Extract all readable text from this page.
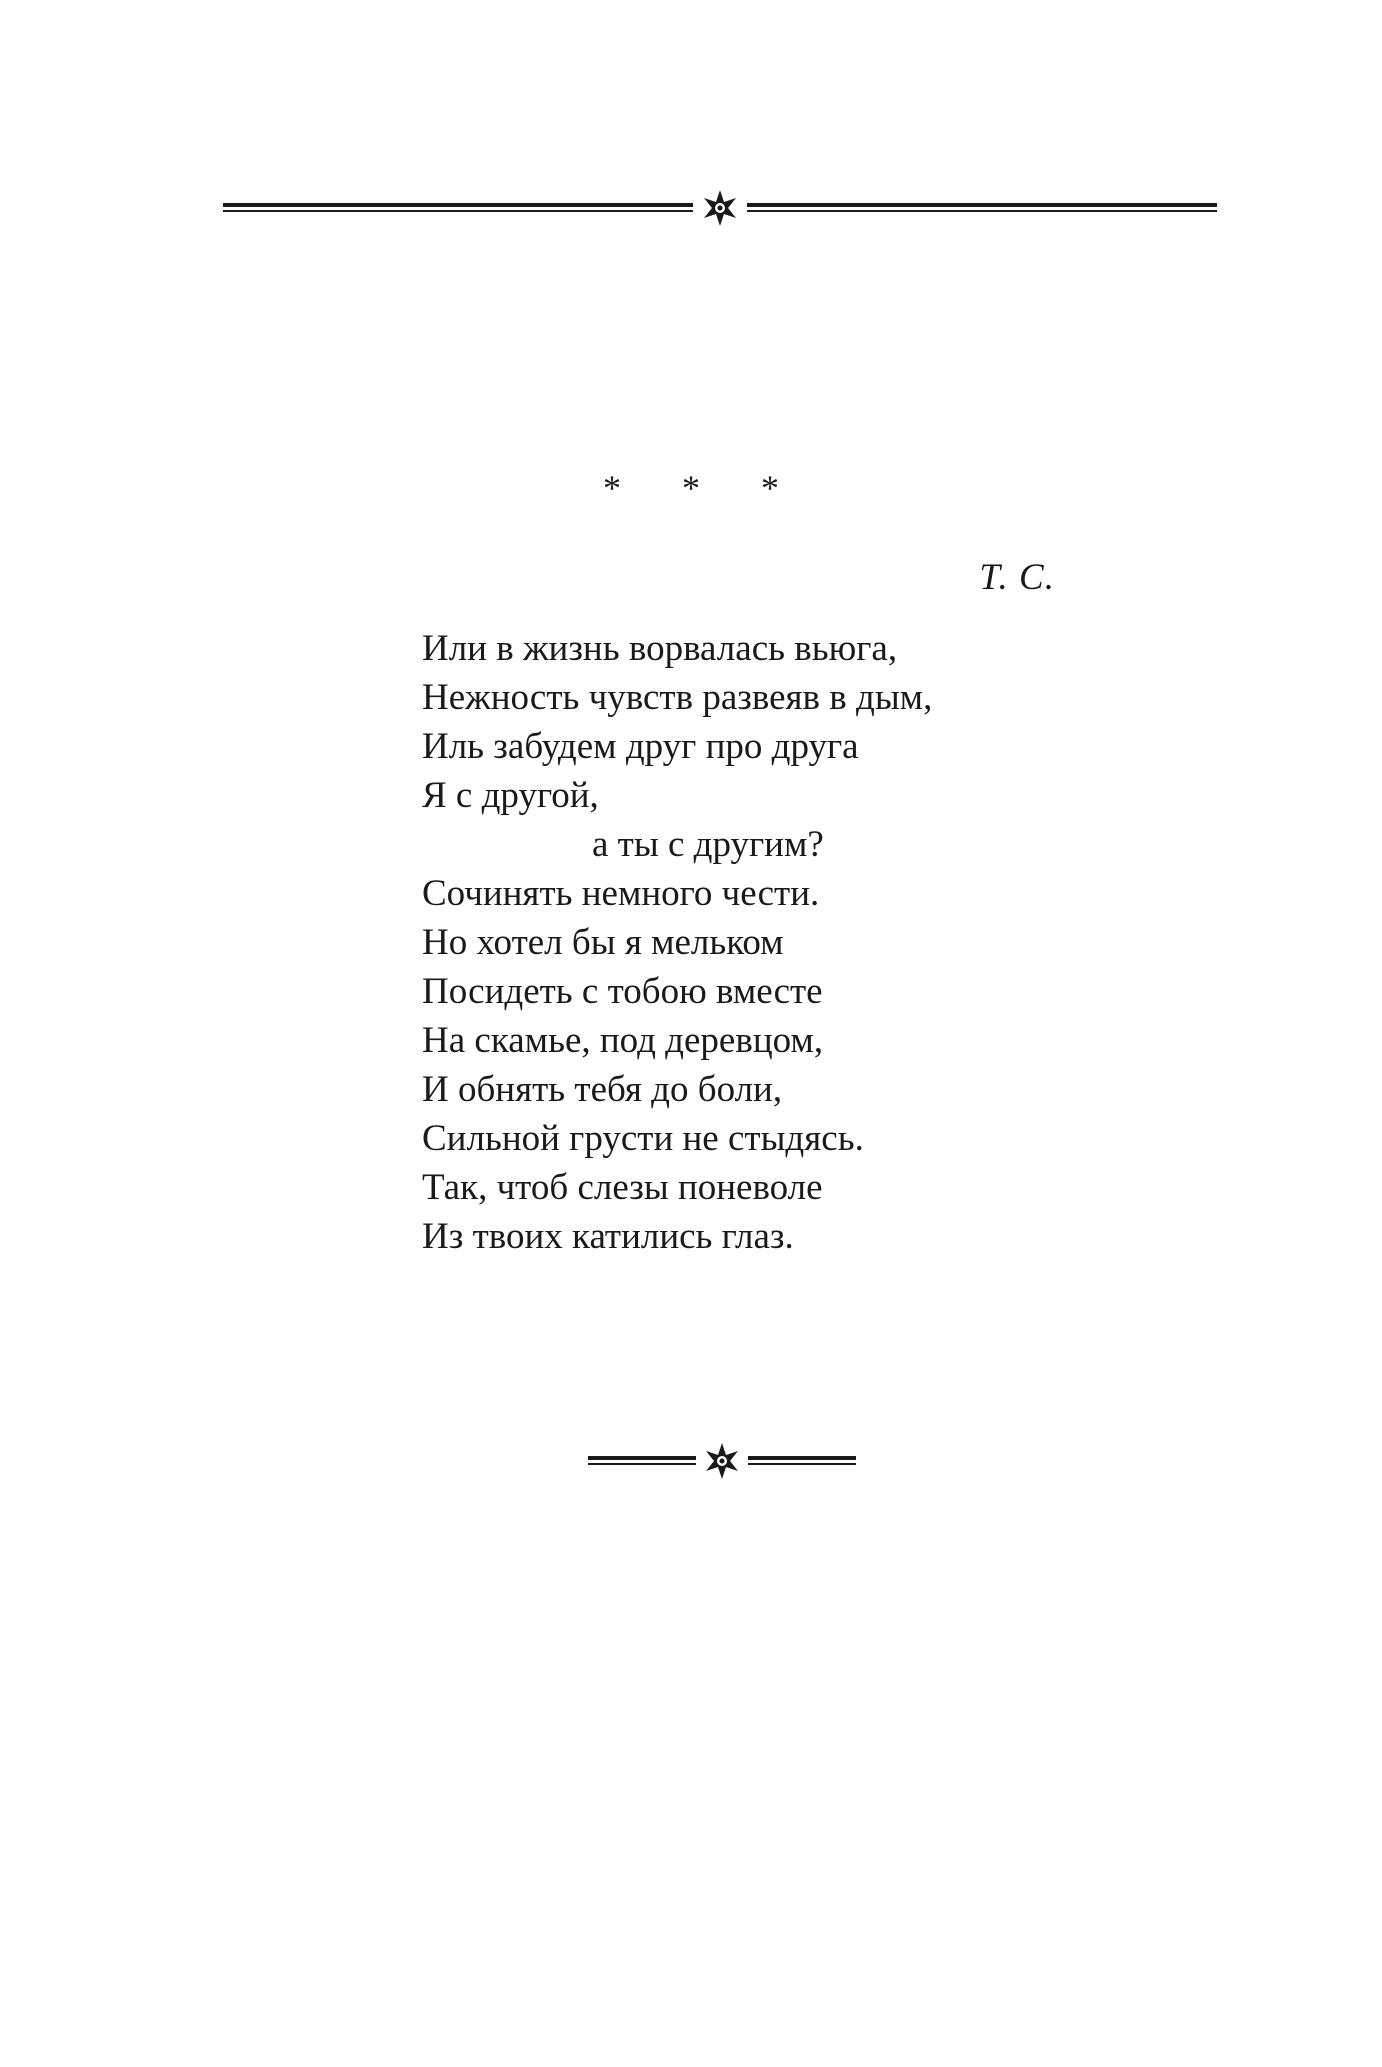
* * *
Т. С.
Или в жизнь ворвалась вьюга,
Нежность чувств развеяв в дым,
Иль забудем друг про друга
Я с другой,
а ты с другим?
Сочинять немного чести.
Но хотел бы я мельком
Посидеть с тобою вместе
На скамье, под деревцом,
И обнять тебя до боли,
Сильной грусти не стыдясь.
Так, чтоб слезы поневоле
Из твоих катились глаз.
